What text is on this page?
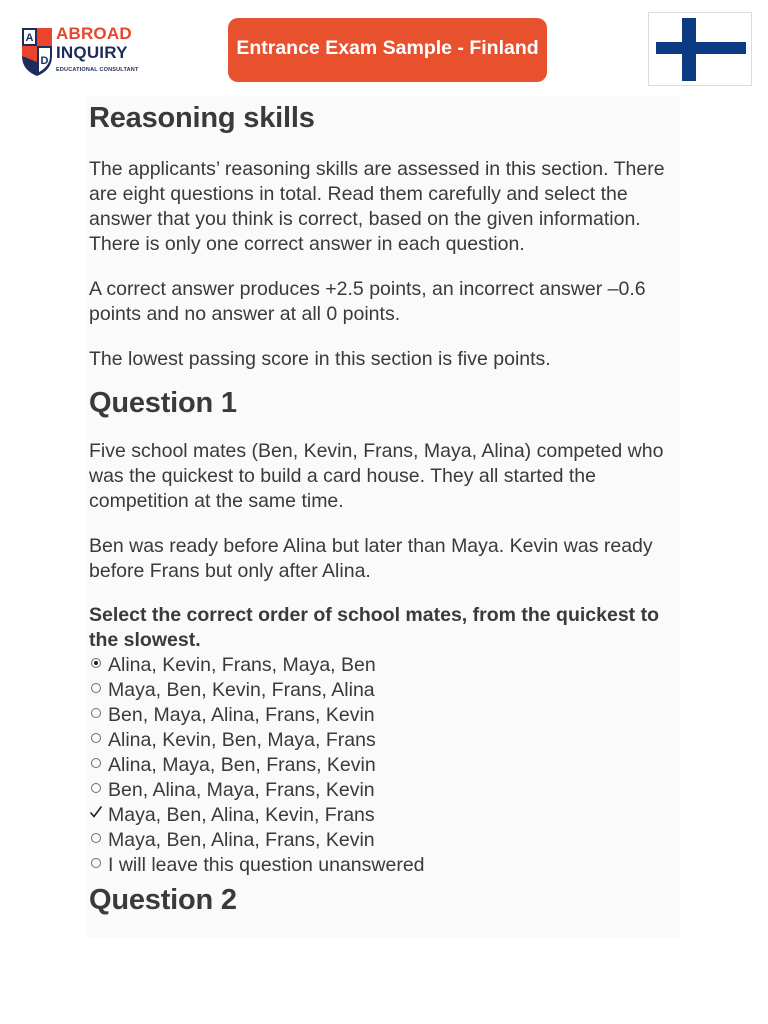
A
D
ABROAD
INQUIRY
EDUCATIONAL CONSULTANT
Entrance Exam Sample - Finland
Reasoning skills

The applicants’ reasoning skills are assessed in this section. There are eight questions in total. Read them carefully and select the answer that you think is correct, based on the given information. There is only one correct answer in each question.

A correct answer produces +2.5 points, an incorrect answer –0.6 points and no answer at all 0 points.

The lowest passing score in this section is five points.

Question 1

Five school mates (Ben, Kevin, Frans, Maya, Alina) competed who was the quickest to build a card house. They all started the competition at the same time.

Ben was ready before Alina but later than Maya. Kevin was ready before Frans but only after Alina.

Select the correct order of school mates, from the quickest to the slowest.

Alina, Kevin, Frans, Maya, Ben
Maya, Ben, Kevin, Frans, Alina
Ben, Maya, Alina, Frans, Kevin
Alina, Kevin, Ben, Maya, Frans
Alina, Maya, Ben, Frans, Kevin
Ben, Alina, Maya, Frans, Kevin
Maya, Ben, Alina, Kevin, Frans
Maya, Ben, Alina, Frans, Kevin
I will leave this question unanswered
Question 2
